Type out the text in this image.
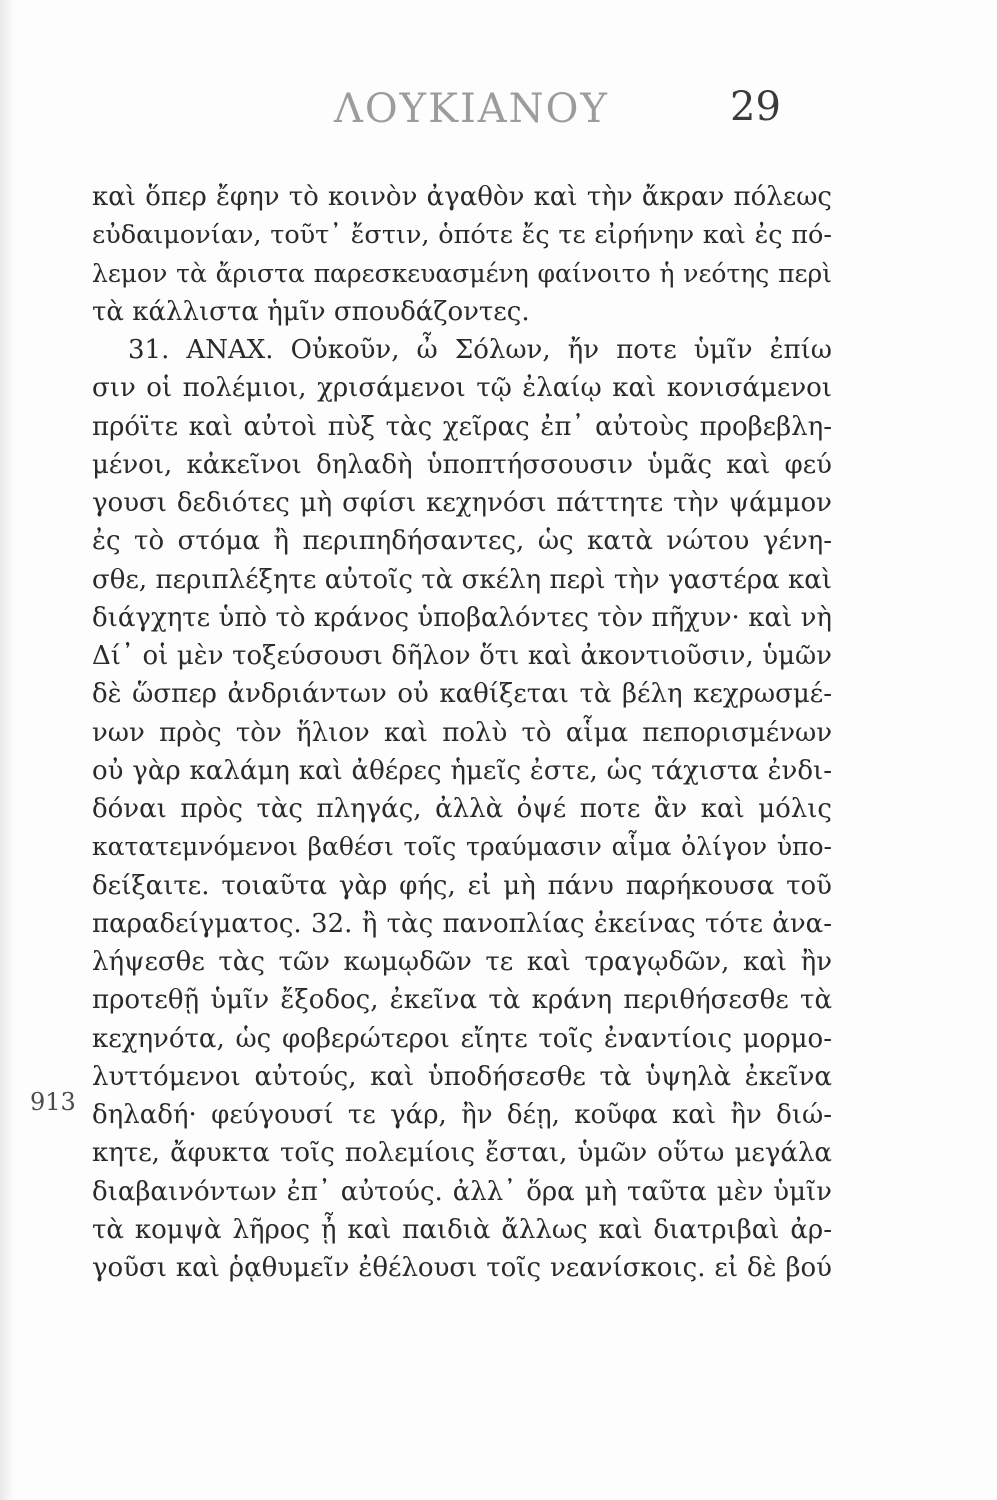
ΛΟΥΚΙΑΝΟΥ	29
913
καὶ ὅπερ ἔφην τὸ κοινὸν ἀγαθὸν καὶ τὴν ἄκραν πόλεως
εὐδαιμονίαν, τοῦτ᾽ ἔστιν, ὁπότε ἔς τε εἰρήνην καὶ ἐς πό-
λεμον τὰ ἄριστα παρεσκευασμένη φαίνοιτο ἡ νεότης περὶ
τὰ κάλλιστα ἡμῖν σπουδάζοντες.
31. ΑΝΑΧ. Οὐκοῦν, ὦ Σόλων, ἤν ποτε ὑμῖν ἐπίω
σιν οἱ πολέμιοι, χρισάμενοι τῷ ἐλαίῳ καὶ κονισάμενοι
πρόϊτε καὶ αὐτοὶ πὺξ τὰς χεῖρας ἐπ᾽ αὐτοὺς προβεβλη-
μένοι, κἀκεῖνοι δηλαδὴ ὑποπτήσσουσιν ὑμᾶς καὶ φεύ
γουσι δεδιότες μὴ σφίσι κεχηνόσι πάττητε τὴν ψάμμον
ἐς τὸ στόμα ἢ περιπηδήσαντες, ὡς κατὰ νώτου γένη-
σθε, περιπλέξητε αὐτοῖς τὰ σκέλη περὶ τὴν γαστέρα καὶ
διάγχητε ὑπὸ τὸ κράνος ὑποβαλόντες τὸν πῆχυν· καὶ νὴ
Δί᾽ οἱ μὲν τοξεύσουσι δῆλον ὅτι καὶ ἀκοντιοῦσιν, ὑμῶν
δὲ ὥσπερ ἀνδριάντων οὐ καθίξεται τὰ βέλη κεχρωσμέ-
νων πρὸς τὸν ἥλιον καὶ πολὺ τὸ αἷμα πεπορισμένων
οὐ γὰρ καλάμη καὶ ἀθέρες ἡμεῖς ἐστε, ὡς τάχιστα ἐνδι-
δόναι πρὸς τὰς πληγάς, ἀλλὰ ὀψέ ποτε ἂν καὶ μόλις
κατατεμνόμενοι βαθέσι τοῖς τραύμασιν αἷμα ὀλίγον ὑπο-
δείξαιτε. τοιαῦτα γὰρ φής, εἰ μὴ πάνυ παρήκουσα τοῦ
παραδείγματος. 32. ἢ τὰς πανοπλίας ἐκείνας τότε ἀνα-
λήψεσθε τὰς τῶν κωμῳδῶν τε καὶ τραγῳδῶν, καὶ ἢν
προτεθῇ ὑμῖν ἔξοδος, ἐκεῖνα τὰ κράνη περιθήσεσθε τὰ
κεχηνότα, ὡς φοβερώτεροι εἴητε τοῖς ἐναντίοις μορμο-
λυττόμενοι αὐτούς, καὶ ὑποδήσεσθε τὰ ὑψηλὰ ἐκεῖνα
δηλαδή· φεύγουσί τε γάρ, ἢν δέῃ, κοῦφα καὶ ἢν διώ-
κητε, ἄφυκτα τοῖς πολεμίοις ἔσται, ὑμῶν οὕτω μεγάλα
διαβαινόντων ἐπ᾽ αὐτούς. ἀλλ᾽ ὅρα μὴ ταῦτα μὲν ὑμῖν
τὰ κομψὰ λῆρος ᾖ καὶ παιδιὰ ἄλλως καὶ διατριβαὶ ἀρ-
γοῦσι καὶ ῥᾳθυμεῖν ἐθέλουσι τοῖς νεανίσκοις. εἰ δὲ βού
